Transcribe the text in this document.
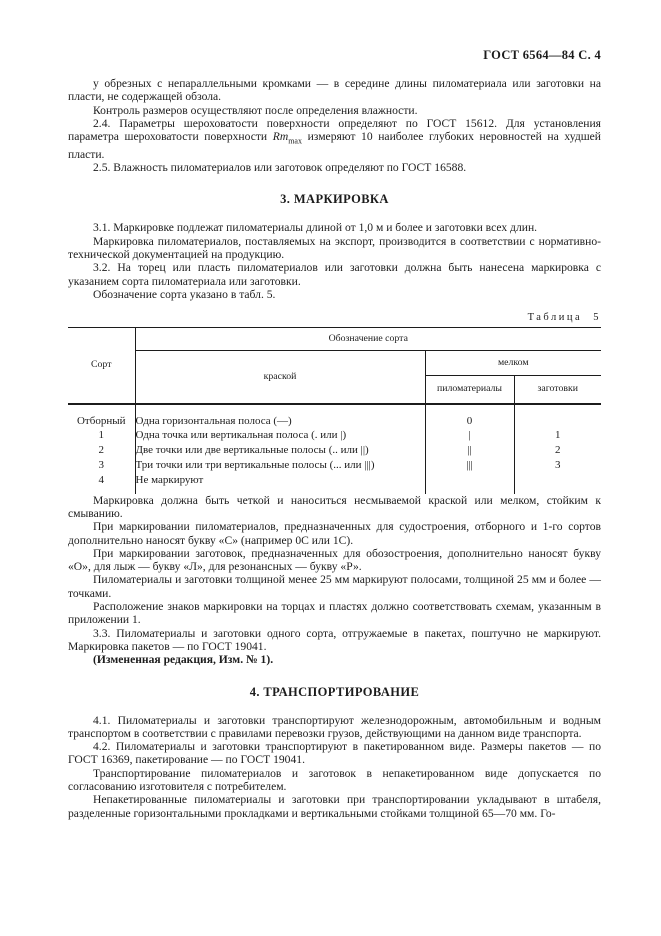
ГОСТ 6564—84 С. 4

у обрезных с непараллельными кромками — в середине длины пиломатериала или заготовки на пласти, не содержащей обзола.

Контроль размеров осуществляют после определения влажности.

2.4. Параметры шероховатости поверхности определяют по ГОСТ 15612. Для установления параметра шероховатости поверхности $Rm_{max}$ измеряют 10 наиболее глубоких неровностей на худшей пласти.

2.5. Влажность пиломатериалов или заготовок определяют по ГОСТ 16588.

3. МАРКИРОВКА

3.1. Маркировке подлежат пиломатериалы длиной от 1,0 м и более и заготовки всех длин.

Маркировка пиломатериалов, поставляемых на экспорт, производится в соответствии с нормативно-технической документацией на продукцию.

3.2. На торец или пласть пиломатериалов или заготовки должна быть нанесена маркировка с указанием сорта пиломатериала или заготовки.

Обозначение сорта указано в табл. 5.

Таблица 5
Сорт	Обозначение сорта		
	краской	мелком	
		пиломатериалы	заготовки
Отборный	Одна горизонтальная полоса (—)	0	
1	Одна точка или вертикальная полоса (. или |)	|	1
2	Две точки или две вертикальные полосы (.. или ||)	||	2
3	Три точки или три вертикальные полосы (... или |||)	|||	3
4	Не маркируют		

Маркировка должна быть четкой и наноситься несмываемой краской или мелком, стойким к смыванию.

При маркировании пиломатериалов, предназначенных для судостроения, отборного и 1-го сортов дополнительно наносят букву «С» (например 0С или 1С).

При маркировании заготовок, предназначенных для обозостроения, дополнительно наносят букву «О», для лыж — букву «Л», для резонансных — букву «Р».

Пиломатериалы и заготовки толщиной менее 25 мм маркируют полосами, толщиной 25 мм и более — точками.

Расположение знаков маркировки на торцах и пластях должно соответствовать схемам, указанным в приложении 1.

3.3. Пиломатериалы и заготовки одного сорта, отгружаемые в пакетах, поштучно не маркируют. Маркировка пакетов — по ГОСТ 19041.

(Измененная редакция, Изм. № 1).

4. ТРАНСПОРТИРОВАНИЕ

4.1. Пиломатериалы и заготовки транспортируют железнодорожным, автомобильным и водным транспортом в соответствии с правилами перевозки грузов, действующими на данном виде транспорта.

4.2. Пиломатериалы и заготовки транспортируют в пакетированном виде. Размеры пакетов — по ГОСТ 16369, пакетирование — по ГОСТ 19041.

Транспортирование пиломатериалов и заготовок в непакетированном виде допускается по согласованию изготовителя с потребителем.

Непакетированные пиломатериалы и заготовки при транспортировании укладывают в штабеля, разделенные горизонтальными прокладками и вертикальными стойками толщиной 65—70 мм. Го-
